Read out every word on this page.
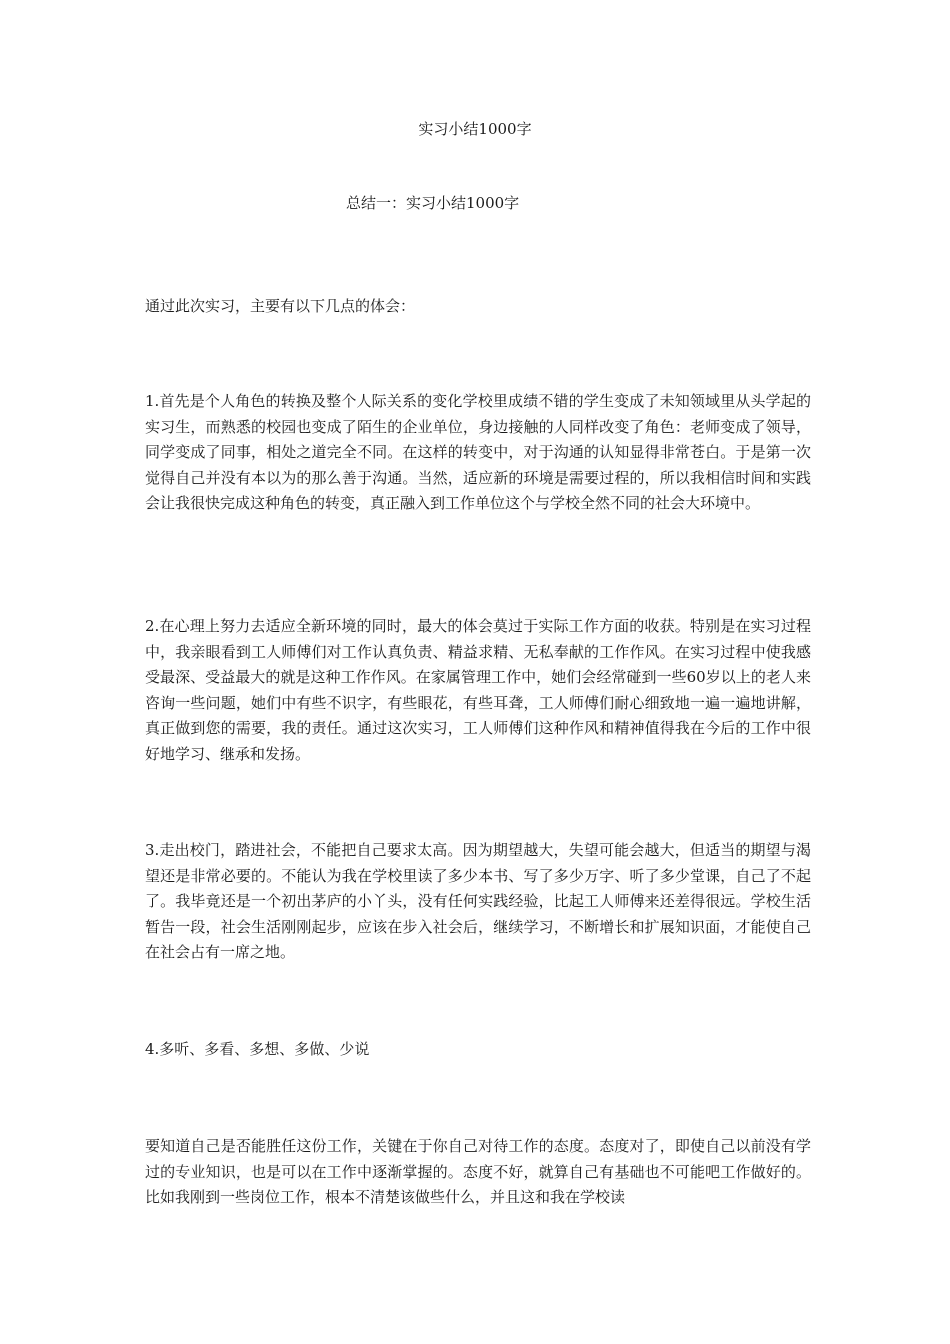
实习小结1000字
总结一：实习小结1000字

通过此次实习，主要有以下几点的体会：

1.首先是个人角色的转换及整个人际关系的变化学校里成绩不错的学生变成了未知领域里从头学起的实习生，而熟悉的校园也变成了陌生的企业单位，身边接触的人同样改变了角色：老师变成了领导，同学变成了同事，相处之道完全不同。在这样的转变中，对于沟通的认知显得非常苍白。于是第一次觉得自己并没有本以为的那么善于沟通。当然，适应新的环境是需要过程的，所以我相信时间和实践会让我很快完成这种角色的转变，真正融入到工作单位这个与学校全然不同的社会大环境中。

2.在心理上努力去适应全新环境的同时，最大的体会莫过于实际工作方面的收获。特别是在实习过程中，我亲眼看到工人师傅们对工作认真负责、精益求精、无私奉献的工作作风。在实习过程中使我感受最深、受益最大的就是这种工作作风。在家属管理工作中，她们会经常碰到一些60岁以上的老人来咨询一些问题，她们中有些不识字，有些眼花，有些耳聋，工人师傅们耐心细致地一遍一遍地讲解，真正做到您的需要，我的责任。通过这次实习，工人师傅们这种作风和精神值得我在今后的工作中很好地学习、继承和发扬。

3.走出校门，踏进社会，不能把自己要求太高。因为期望越大，失望可能会越大，但适当的期望与渴望还是非常必要的。不能认为我在学校里读了多少本书、写了多少万字、听了多少堂课，自己了不起了。我毕竟还是一个初出茅庐的小丫头，没有任何实践经验，比起工人师傅来还差得很远。学校生活暂告一段，社会生活刚刚起步，应该在步入社会后，继续学习，不断增长和扩展知识面，才能使自己在社会占有一席之地。

4.多听、多看、多想、多做、少说

要知道自己是否能胜任这份工作，关键在于你自己对待工作的态度。态度对了，即使自己以前没有学过的专业知识，也是可以在工作中逐渐掌握的。态度不好，就算自己有基础也不可能吧工作做好的。比如我刚到一些岗位工作，根本不清楚该做些什么，并且这和我在学校读
